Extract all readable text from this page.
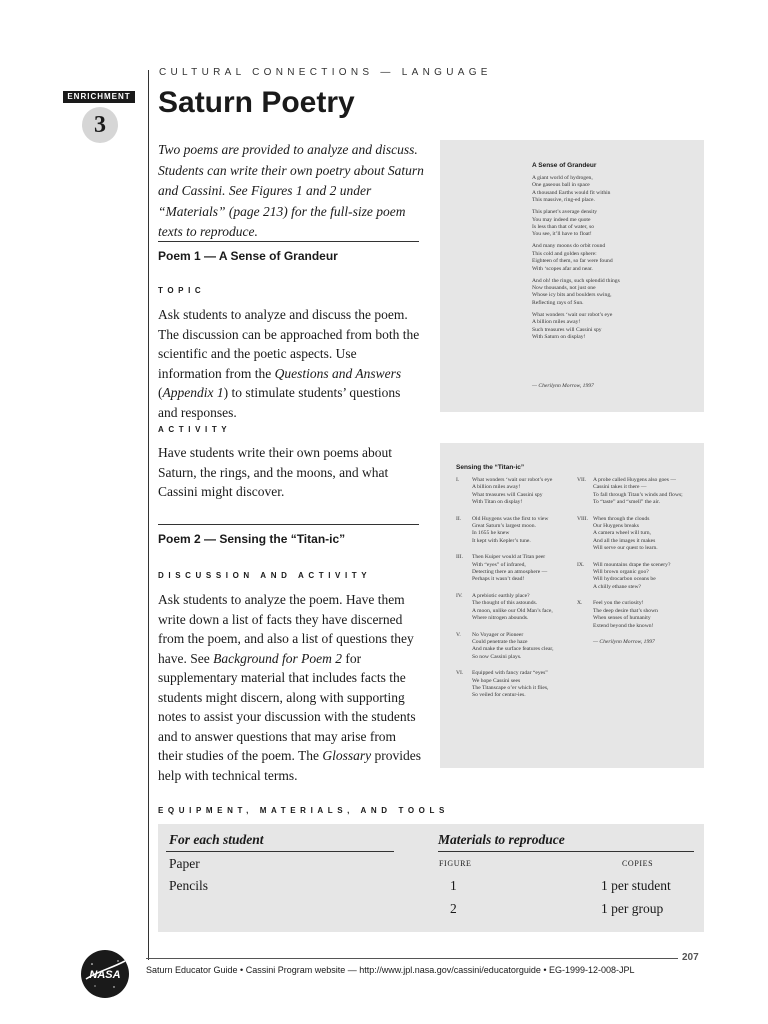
ENRICHMENT
3
CULTURAL CONNECTIONS — LANGUAGE
Saturn Poetry
Two poems are provided to analyze and discuss. Students can write their own poetry about Saturn and Cassini. See Figures 1 and 2 under “Materials” (page 213) for the full-size poem texts to reproduce.
Poem 1 — A Sense of Grandeur
TOPIC
Ask students to analyze and discuss the poem. The discussion can be approached from both the scientific and the poetic aspects. Use information from the Questions and Answers (Appendix 1) to stimulate students’ questions and responses.
ACTIVITY
Have students write their own poems about Saturn, the rings, and the moons, and what Cassini might discover.
Poem 2 — Sensing the “Titan-ic”
DISCUSSION AND ACTIVITY
Ask students to analyze the poem. Have them write down a list of facts they have discerned from the poem, and also a list of questions they have. See Background for Poem 2 for supplementary material that includes facts the students might discern, along with supporting notes to assist your discussion with the students and to answer questions that may arise from their studies of the poem. The Glossary provides help with technical terms.
A Sense of Grandeur
A giant world of hydrogen,
One gaseous ball in space
A thousand Earths would fit within
This massive, ring-ed place.
This planet’s average density
You may indeed me quote
Is less than that of water, so
You see, it’ll have to float!
And many moons do orbit round
This cold and golden sphere:
Eighteen of them, so far were found
With ‘scopes afar and near.
And oh! the rings, such splendid things
Now thousands, not just one
Whose icy bits and boulders swing,
Reflecting rays of Sun.
What wonders ‘wait our robot’s eye
A billion miles away!
Such treasures will Cassini spy
With Saturn on display!
— Cherilynn Morrow, 1997
Sensing the “Titan-ic”
I.	What wonders ‘wait our robot’s eye
A billion miles away!
What treasures will Cassini spy
With Titan on display!
II.	Old Huygens was the first to view
Great Saturn’s largest moon.
In 1655 he knew
It kept with Kepler’s tune.
III.	Then Kuiper would at Titan peer
With “eyes” of infrared,
Detecting there an atmosphere —
Perhaps it wasn’t dead!
IV.	A prebiotic earthly place?
The thought of this astounds.
A moon, unlike our Old Man’s face,
Where nitrogen abounds.
V.	No Voyager or Pioneer
Could penetrate the haze
And make the surface features clear,
So now Cassini plays.
VI.	Equipped with fancy radar “eyes”
We hope Cassini sees
The Titanscape o’er which it flies,
So veiled for centur-ies.
VII.	A probe called Huygens also goes —
Cassini takes it there —
To fall through Titan’s winds and flows;
To “taste” and “smell” the air.
VIII. When through the clouds
Our Huygens breaks
A camera wheel will turn,
And all the images it makes
Will serve our quest to learn.
IX.	Will mountains drape the scenery?
Will brown organic goo?
Will hydrocarbon oceans be
A chilly ethane stew?
X.	Feel you the curiosity!
The deep desire that’s shown
When senses of humanity
Extend beyond the known!
— Cherilynn Morrow, 1997
EQUIPMENT, MATERIALS, AND TOOLS
For each student
Paper
Pencils
Materials to reproduce
FIGURE	COPIES
1	1 per student
2	1 per group
207
Saturn Educator Guide • Cassini Program website — http://www.jpl.nasa.gov/cassini/educatorguide • EG-1999-12-008-JPL
NASA
